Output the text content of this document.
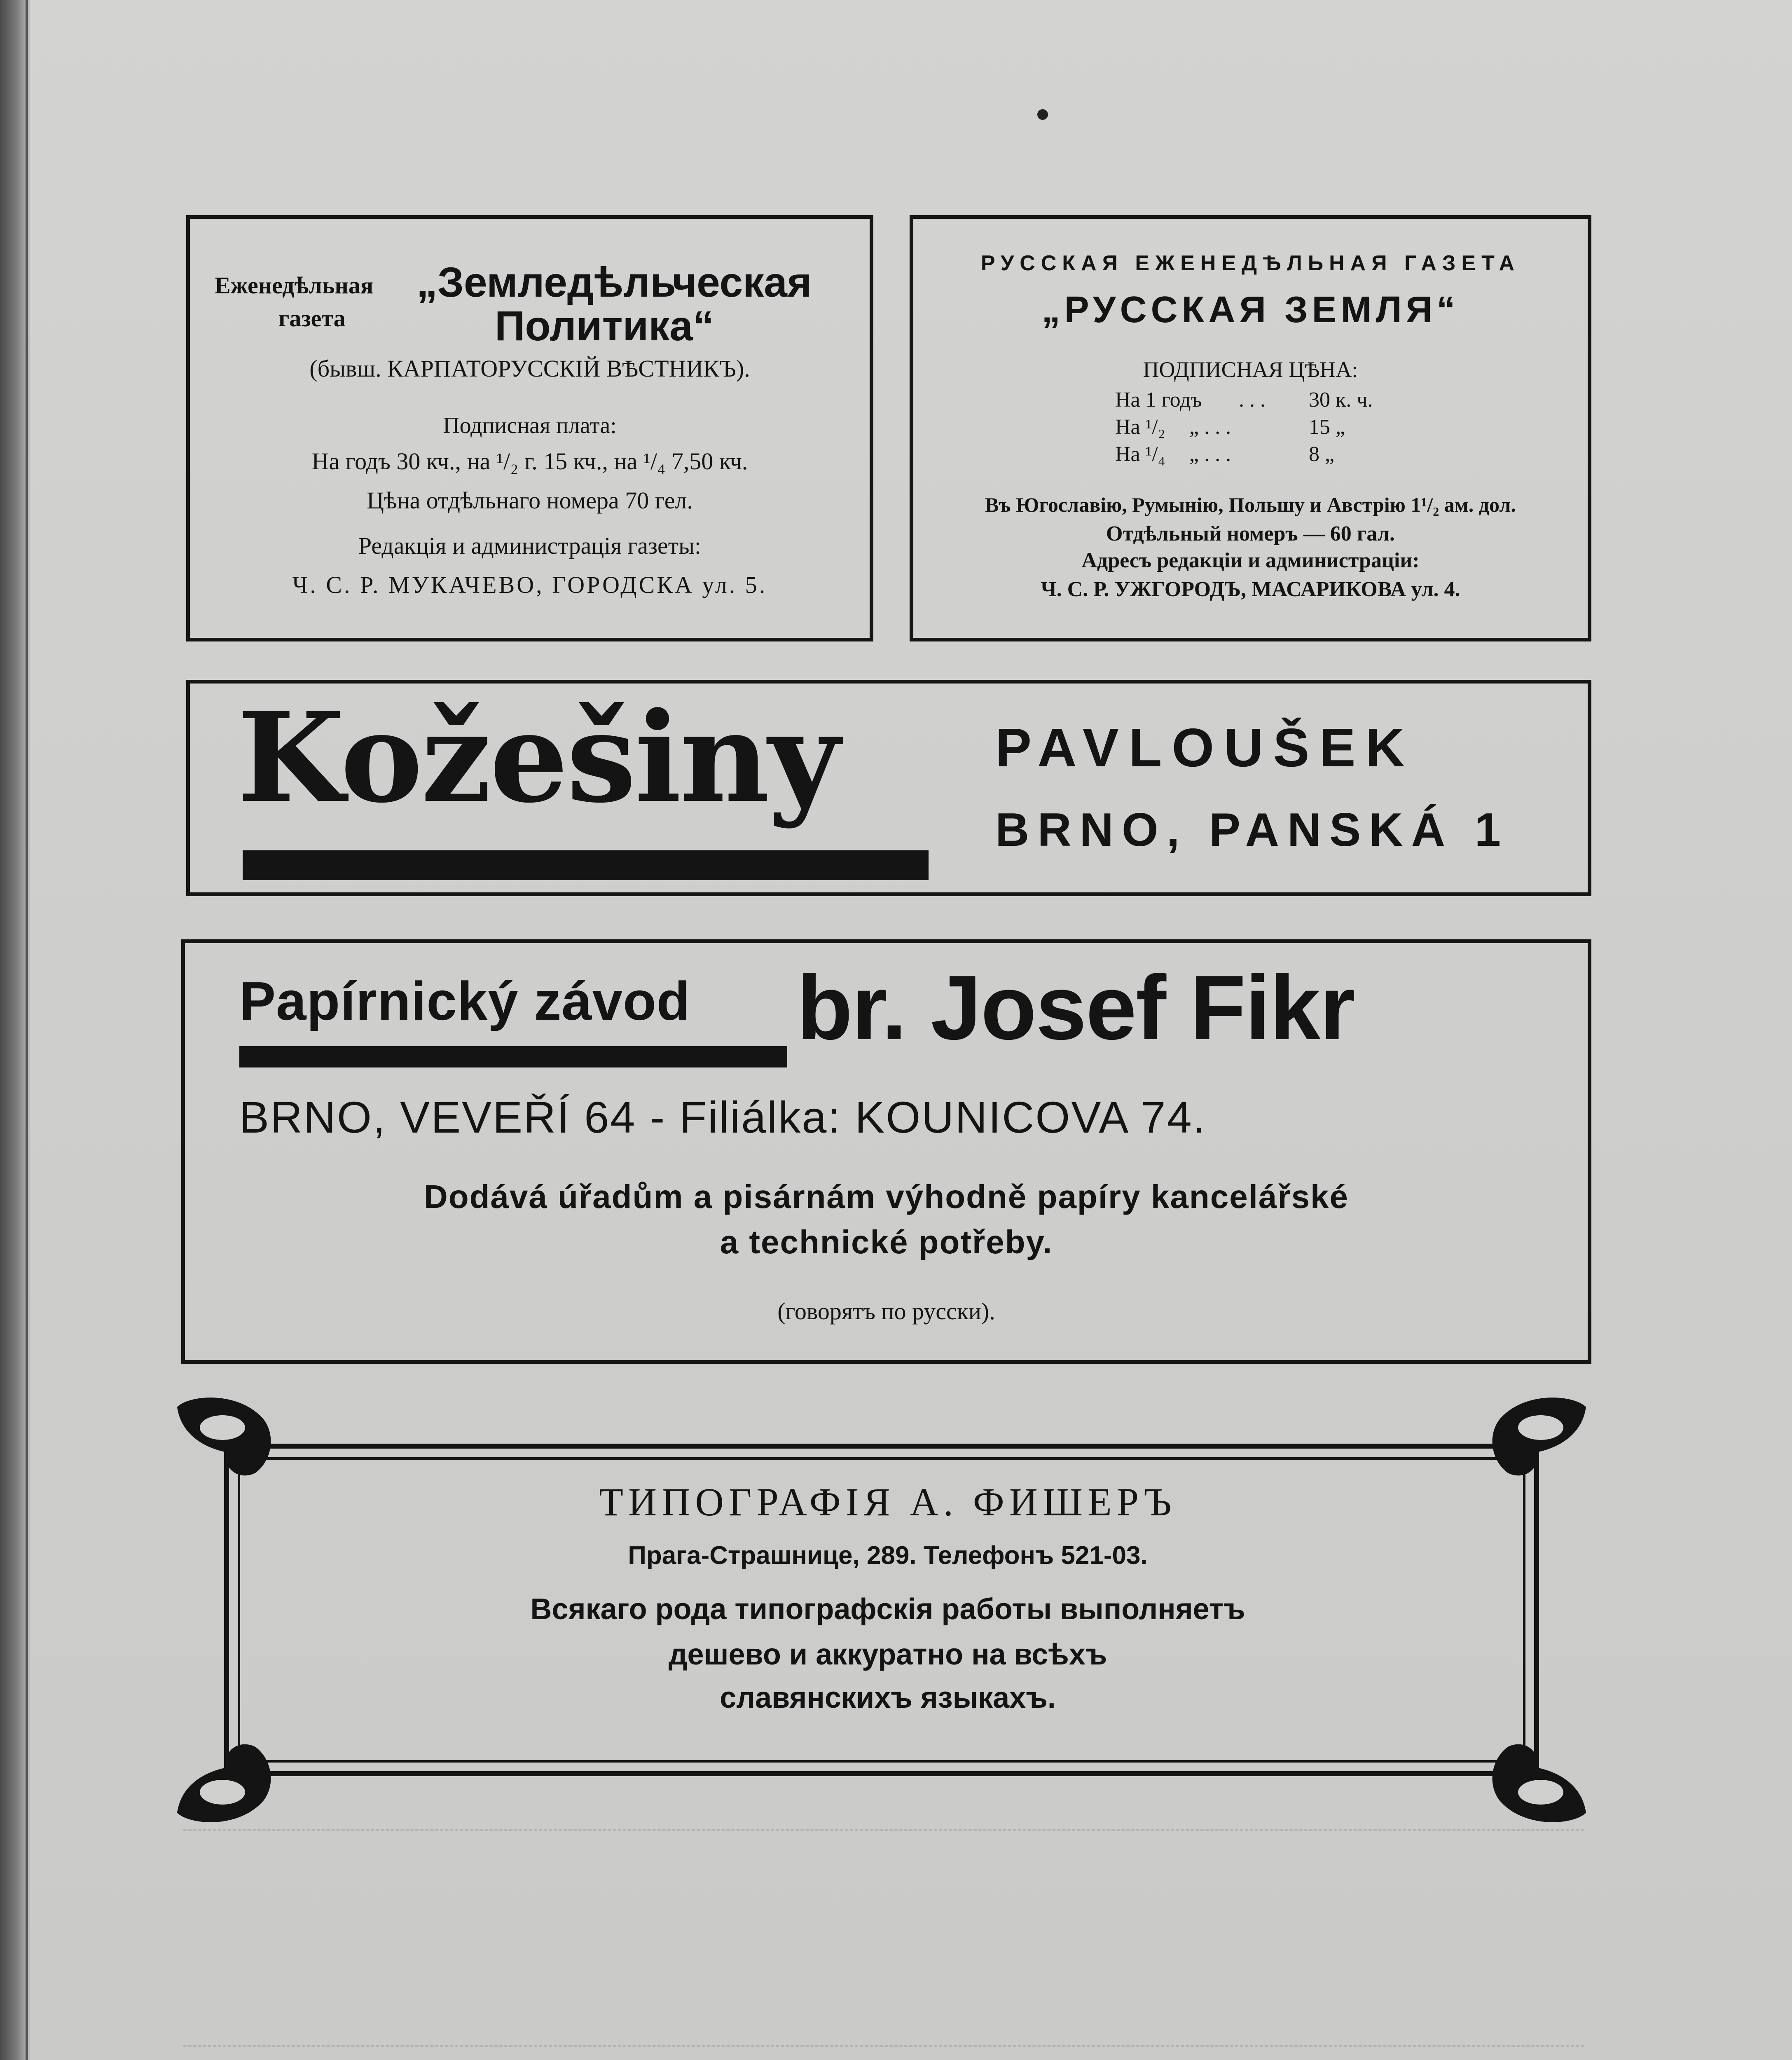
Еженедѣльная
газета
„Земледѣльческая
Политика“
(бывш. КАРПАТОРУССКІЙ ВѢСТНИКЪ).
Подписная плата:
На годъ 30 кч., на ¹/₂ г. 15 кч., на ¹/₄ 7,50 кч.
Цѣна отдѣльнаго номера 70 гел.
Редакція и администрація газеты:
Ч. С. Р. МУКАЧЕВО, ГОРОДСКА ул. 5.
РУССКАЯ ЕЖЕНЕДѢЛЬНАЯ ГАЗЕТА
„РУССКАЯ ЗЕМЛЯ“
ПОДПИСНАЯ ЦѢНА:
На 1 годъ . . . 30 к. ч.
На ¹/₂ „ . . .	15 „
На ¹/₄ „ . . .	8 „
Въ Югославію, Румынію, Польшу и Австрію 1¹/₂ ам. дол.
Отдѣльный номеръ — 60 гал.
Адресъ редакціи и администраціи:
Ч. С. Р. УЖГОРОДЪ, МАСАРИКОВА ул. 4.
Kožešiny	PAVLOUŠEK
BRNO, PANSKÁ 1
Papírnický závod br. Josef Fikr
BRNO, VEVEŘÍ 64 - Filiálka: KOUNICOVA 74.
Dodává úřadům a pisárnám výhodně papíry kancelářské
a technické potřeby.
(говорятъ по русски).
ТИПОГРАФІЯ А. ФИШЕРЪ
Прага-Страшнице, 289. Телефонъ 521-03.
Всякаго рода типографскія работы выполняетъ
дешево и аккуратно на всѣхъ
славянскихъ языкахъ.
